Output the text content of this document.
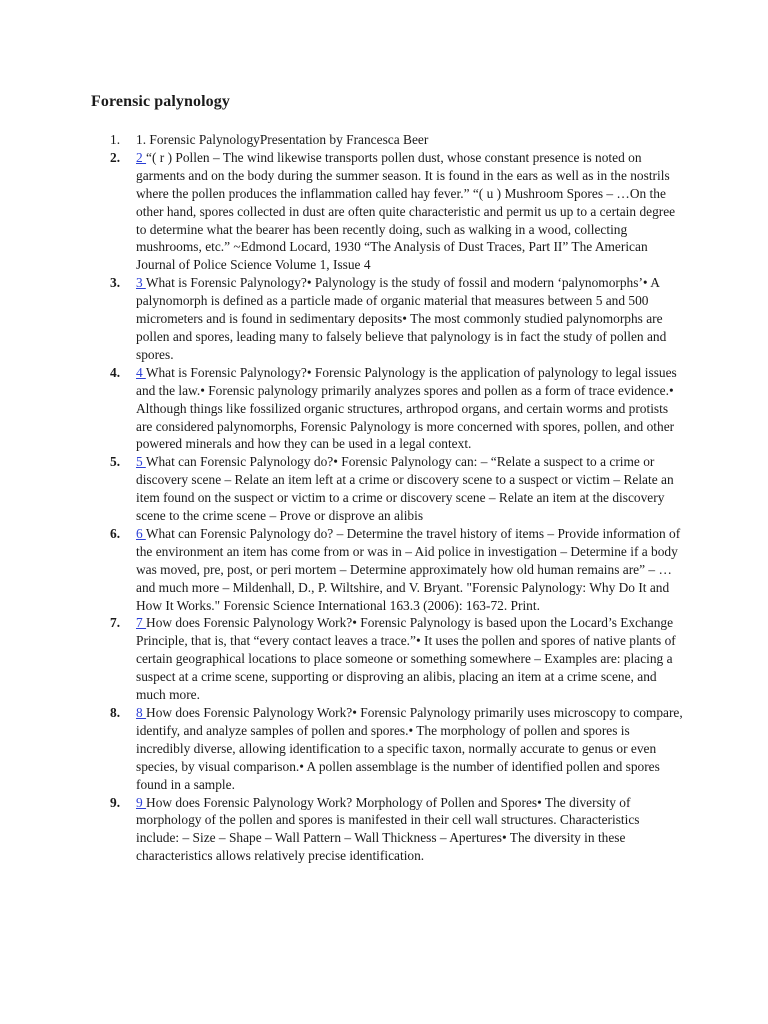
Forensic palynology
1.	1. Forensic PalynologyPresentation by Francesca Beer
2.	2 “( r ) Pollen – The wind likewise transports pollen dust, whose constant presence is noted on garments and on the body during the summer season. It is found in the ears as well as in the nostrils where the pollen produces the inflammation called hay fever.” “( u ) Mushroom Spores – …On the other hand, spores collected in dust are often quite characteristic and permit us up to a certain degree to determine what the bearer has been recently doing, such as walking in a wood, collecting mushrooms, etc.” ~Edmond Locard, 1930 “The Analysis of Dust Traces, Part II” The American Journal of Police Science Volume 1, Issue 4
3.	3 What is Forensic Palynology?• Palynology is the study of fossil and modern ‘palynomorphs’• A palynomorph is defined as a particle made of organic material that measures between 5 and 500 micrometers and is found in sedimentary deposits• The most commonly studied palynomorphs are pollen and spores, leading many to falsely believe that palynology is in fact the study of pollen and spores.
4.	4 What is Forensic Palynology?• Forensic Palynology is the application of palynology to legal issues and the law.• Forensic palynology primarily analyzes spores and pollen as a form of trace evidence.• Although things like fossilized organic structures, arthropod organs, and certain worms and protists are considered palynomorphs, Forensic Palynology is more concerned with spores, pollen, and other powered minerals and how they can be used in a legal context.
5.	5 What can Forensic Palynology do?• Forensic Palynology can: – “Relate a suspect to a crime or discovery scene – Relate an item left at a crime or discovery scene to a suspect or victim – Relate an item found on the suspect or victim to a crime or discovery scene – Relate an item at the discovery scene to the crime scene – Prove or disprove an alibis
6.	6 What can Forensic Palynology do? – Determine the travel history of items – Provide information of the environment an item has come from or was in – Aid police in investigation – Determine if a body was moved, pre, post, or peri mortem – Determine approximately how old human remains are” – …and much more – Mildenhall, D., P. Wiltshire, and V. Bryant. "Forensic Palynology: Why Do It and How It Works." Forensic Science International 163.3 (2006): 163-72. Print.
7.	7 How does Forensic Palynology Work?• Forensic Palynology is based upon the Locard’s Exchange Principle, that is, that “every contact leaves a trace.”• It uses the pollen and spores of native plants of certain geographical locations to place someone or something somewhere – Examples are: placing a suspect at a crime scene, supporting or disproving an alibis, placing an item at a crime scene, and much more.
8.	8 How does Forensic Palynology Work?• Forensic Palynology primarily uses microscopy to compare, identify, and analyze samples of pollen and spores.• The morphology of pollen and spores is incredibly diverse, allowing identification to a specific taxon, normally accurate to genus or even species, by visual comparison.• A pollen assemblage is the number of identified pollen and spores found in a sample.
9.	9 How does Forensic Palynology Work? Morphology of Pollen and Spores• The diversity of morphology of the pollen and spores is manifested in their cell wall structures. Characteristics include: – Size – Shape – Wall Pattern – Wall Thickness – Apertures• The diversity in these characteristics allows relatively precise identification.
